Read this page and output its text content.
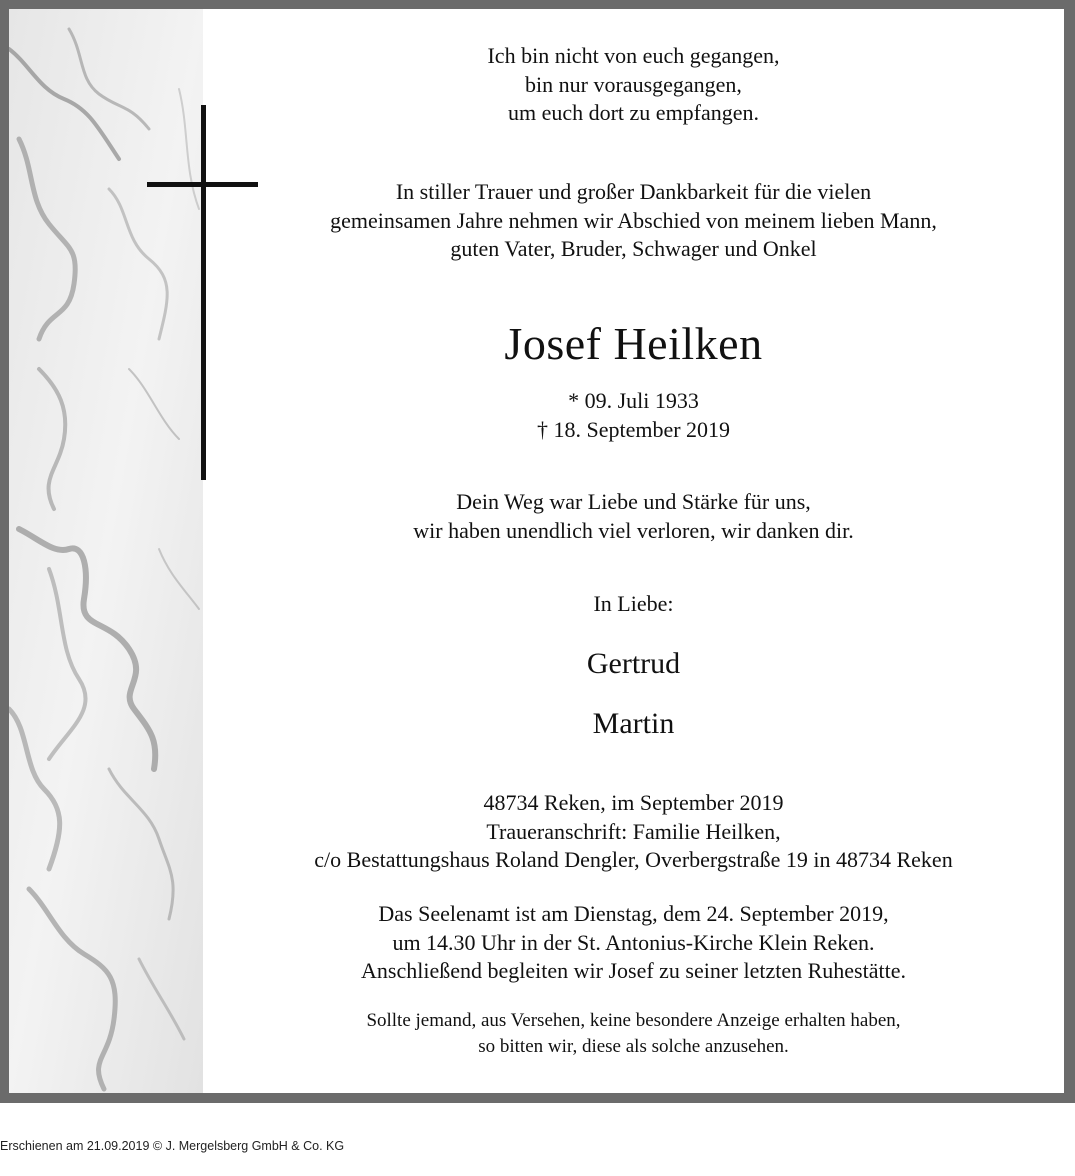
Ich bin nicht von euch gegangen,
bin nur vorausgegangen,
um euch dort zu empfangen.
In stiller Trauer und großer Dankbarkeit für die vielen
gemeinsamen Jahre nehmen wir Abschied von meinem lieben Mann,
guten Vater, Bruder, Schwager und Onkel
Josef Heilken
* 09. Juli 1933
† 18. September 2019
Dein Weg war Liebe und Stärke für uns,
wir haben unendlich viel verloren, wir danken dir.
In Liebe:
Gertrud
Martin
48734 Reken, im September 2019
Traueranschrift: Familie Heilken,
c/o Bestattungshaus Roland Dengler, Overbergstraße 19 in 48734 Reken
Das Seelenamt ist am Dienstag, dem 24. September 2019,
um 14.30 Uhr in der St. Antonius-Kirche Klein Reken.
Anschließend begleiten wir Josef zu seiner letzten Ruhestätte.
Sollte jemand, aus Versehen, keine besondere Anzeige erhalten haben,
so bitten wir, diese als solche anzusehen.
Erschienen am 21.09.2019 © J. Mergelsberg GmbH & Co. KG
